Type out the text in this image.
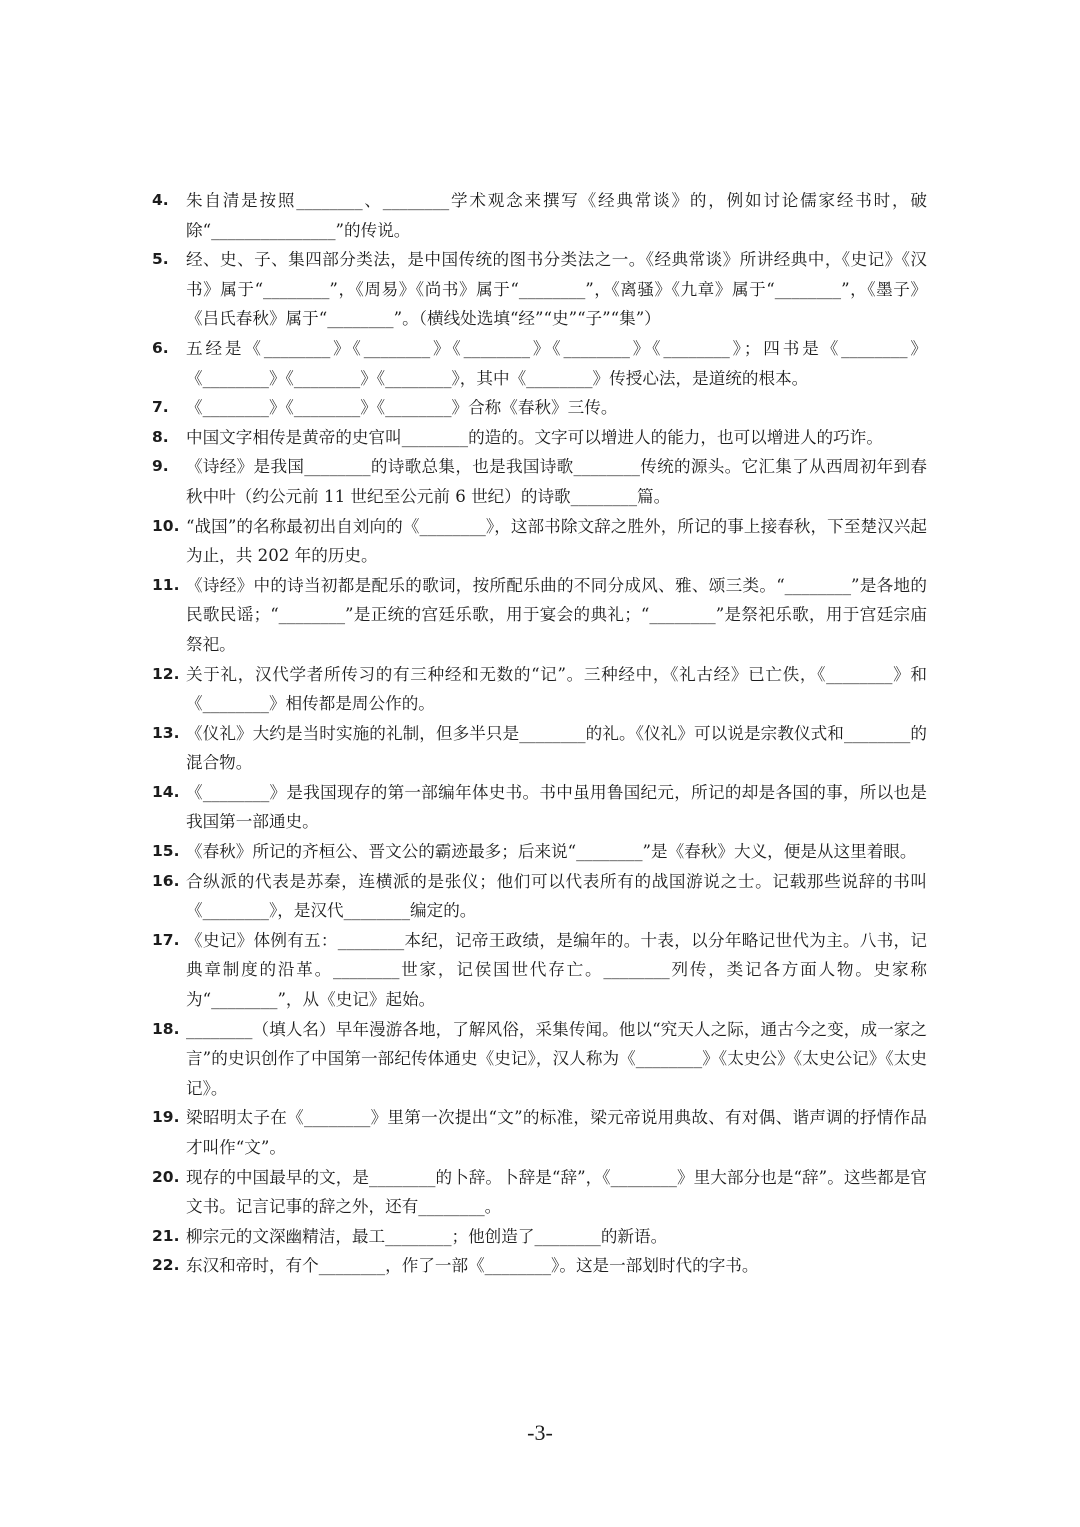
4. 朱自清是按照________、________学术观念来撰写《经典常谈》的，例如讨论儒家经书时，破除“_______________”的传说。
5. 经、史、子、集四部分类法，是中国传统的图书分类法之一。《经典常谈》所讲经典中，《史记》《汉书》属于“________”，《周易》《尚书》属于“________”，《离骚》《九章》属于“________”，《墨子》《吕氏春秋》属于“________”。（横线处选填“经”“史”“子”“集”）
6. 五经是《________》《________》《________》《________》《________》；四书是《________》《________》《________》《________》，其中《________》传授心法，是道统的根本。
7. 《________》《________》《________》合称《春秋》三传。
8. 中国文字相传是黄帝的史官叫________的造的。文字可以增进人的能力，也可以增进人的巧诈。
9. 《诗经》是我国________的诗歌总集，也是我国诗歌________传统的源头。它汇集了从西周初年到春秋中叶（约公元前 11 世纪至公元前 6 世纪）的诗歌________篇。
10. “战国”的名称最初出自刘向的《________》，这部书除文辞之胜外，所记的事上接春秋，下至楚汉兴起为止，共 202 年的历史。
11. 《诗经》中的诗当初都是配乐的歌词，按所配乐曲的不同分成风、雅、颂三类。“________”是各地的民歌民谣；“________”是正统的宫廷乐歌，用于宴会的典礼；“________”是祭祀乐歌，用于宫廷宗庙祭祀。
12. 关于礼，汉代学者所传习的有三种经和无数的“记”。三种经中，《礼古经》已亡佚，《________》和《________》相传都是周公作的。
13. 《仪礼》大约是当时实施的礼制，但多半只是________的礼。《仪礼》可以说是宗教仪式和________的混合物。
14. 《________》是我国现存的第一部编年体史书。书中虽用鲁国纪元，所记的却是各国的事，所以也是我国第一部通史。
15. 《春秋》所记的齐桓公、晋文公的霸迹最多；后来说“________”是《春秋》大义，便是从这里着眼。
16. 合纵派的代表是苏秦，连横派的是张仪；他们可以代表所有的战国游说之士。记载那些说辞的书叫《________》，是汉代________编定的。
17. 《史记》体例有五：________本纪，记帝王政绩，是编年的。十表，以分年略记世代为主。八书，记典章制度的沿革。________世家，记侯国世代存亡。________列传，类记各方面人物。史家称为“________”，从《史记》起始。
18. ________（填人名）早年漫游各地，了解风俗，采集传闻。他以“究天人之际，通古今之变，成一家之言”的史识创作了中国第一部纪传体通史《史记》，汉人称为《________》《太史公》《太史公记》《太史记》。
19. 梁昭明太子在《________》里第一次提出“文”的标准，梁元帝说用典故、有对偶、谐声调的抒情作品才叫作“文”。
20. 现存的中国最早的文，是________的卜辞。卜辞是“辞”，《________》里大部分也是“辞”。这些都是官文书。记言记事的辞之外，还有________。
21. 柳宗元的文深幽精洁，最工________；他创造了________的新语。
22. 东汉和帝时，有个________，作了一部《________》。这是一部划时代的字书。
-3-
